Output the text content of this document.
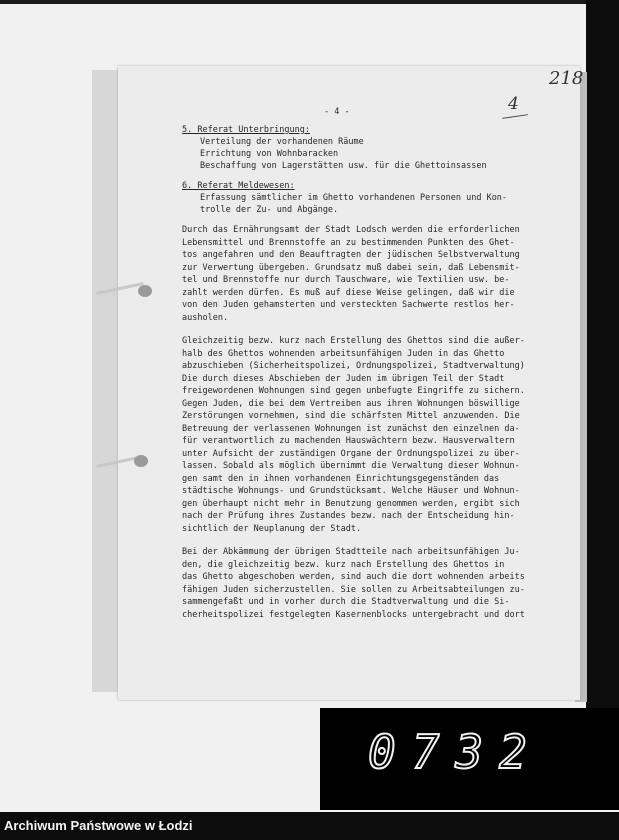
218

4

- 4 -

5. Referat Unterbringung:

Verteilung der vorhandenen Räume

Errichtung von Wohnbaracken

Beschaffung von Lagerstätten usw. für die Ghettoinsassen

6. Referat Meldewesen:

Erfassung sämtlicher im Ghetto vorhandenen Personen und Kon-

trolle der Zu- und Abgänge.

Durch das Ernährungsamt der Stadt Lodsch werden die erforderlichen

Lebensmittel und Brennstoffe an zu bestimmenden Punkten des Ghet-

tos angefahren und den Beauftragten der jüdischen Selbstverwaltung

zur Verwertung übergeben. Grundsatz muß dabei sein, daß Lebensmit-

tel und Brennstoffe nur durch Tauschware, wie Textilien usw. be-

zahlt werden dürfen. Es muß auf diese Weise gelingen, daß wir die

von den Juden gehamsterten und versteckten Sachwerte restlos her-

ausholen.

Gleichzeitig bezw. kurz nach Erstellung des Ghettos sind die außer-

halb des Ghettos wohnenden arbeitsunfähigen Juden in das Ghetto

abzuschieben (Sicherheitspolizei, Ordnungspolizei, Stadtverwaltung)

Die durch dieses Abschieben der Juden im übrigen Teil der Stadt

freigewordenen Wohnungen sind gegen unbefugte Eingriffe zu sichern.

Gegen Juden, die bei dem Vertreiben aus ihren Wohnungen böswillige

Zerstörungen vornehmen, sind die schärfsten Mittel anzuwenden. Die

Betreuung der verlassenen Wohnungen ist zunächst den einzelnen da-

für verantwortlich zu machenden Hauswächtern bezw. Hausverwaltern

unter Aufsicht der zuständigen Organe der Ordnungspolizei zu über-

lassen. Sobald als möglich übernimmt die Verwaltung dieser Wohnun-

gen samt den in ihnen vorhandenen Einrichtungsgegenständen das

städtische Wohnungs- und Grundstücksamt. Welche Häuser und Wohnun-

gen überhaupt nicht mehr in Benutzung genommen werden, ergibt sich

nach der Prüfung ihres Zustandes bezw. nach der Entscheidung hin-

sichtlich der Neuplanung der Stadt.

Bei der Abkämmung der übrigen Stadtteile nach arbeitsunfähigen Ju-

den, die gleichzeitig bezw. kurz nach Erstellung des Ghettos in

das Ghetto abgeschoben werden, sind auch die dort wohnenden arbeits

fähigen Juden sicherzustellen. Sie sollen zu Arbeitsabteilungen zu-

sammengefaßt und in vorher durch die Stadtverwaltung und die Si-

cherheitspolizei festgelegten Kasernenblocks untergebracht und dort

0732

Archiwum Państwowe w Łodzi
